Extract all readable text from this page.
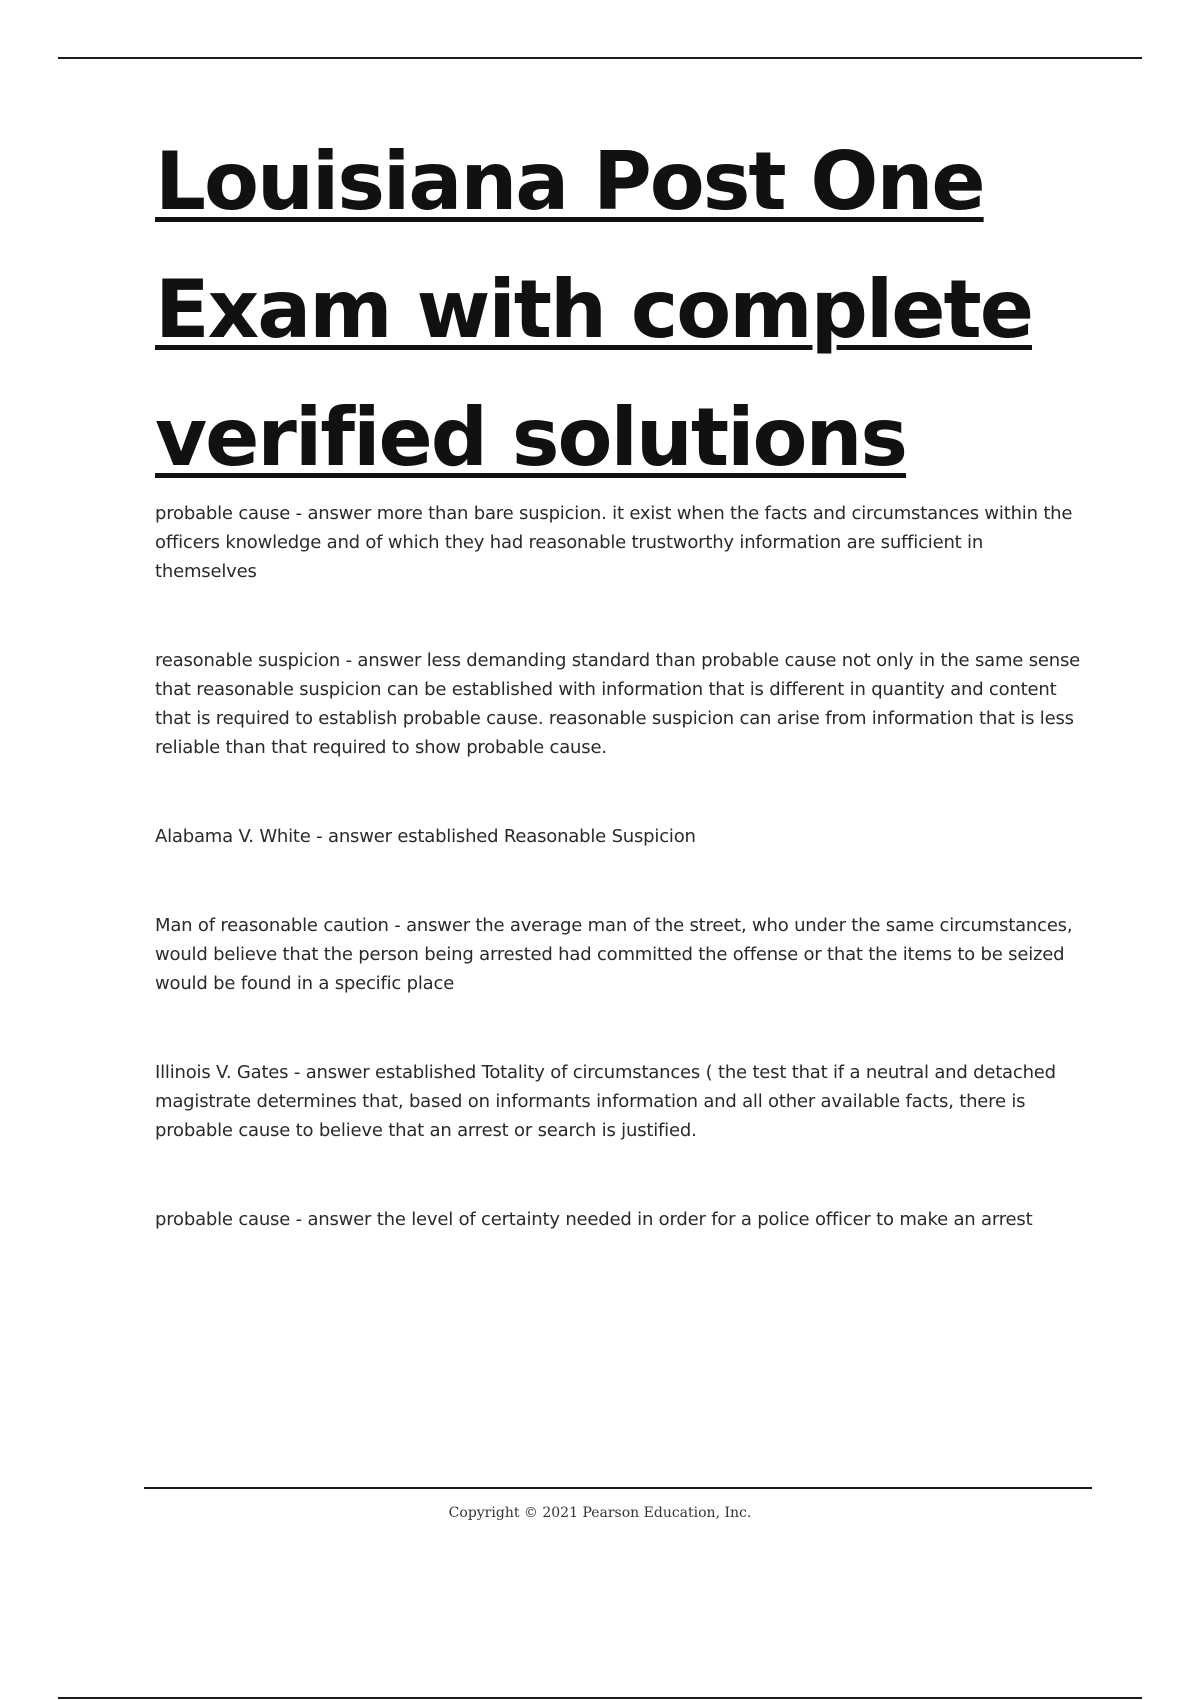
Louisiana Post One
Exam with complete
verified solutions

probable cause - answer more than bare suspicion. it exist when the facts and circumstances within the officers knowledge and of which they had reasonable trustworthy information are sufficient in themselves

reasonable suspicion - answer less demanding standard than probable cause not only in the same sense that reasonable suspicion can be established with information that is different in quantity and content that is required to establish probable cause. reasonable suspicion can arise from information that is less reliable than that required to show probable cause.

Alabama V. White - answer established Reasonable Suspicion

Man of reasonable caution - answer the average man of the street, who under the same circumstances, would believe that the person being arrested had committed the offense or that the items to be seized would be found in a specific place

Illinois V. Gates - answer established Totality of circumstances ( the test that if a neutral and detached magistrate determines that, based on informants information and all other available facts, there is probable cause to believe that an arrest or search is justified.

probable cause - answer the level of certainty needed in order for a police officer to make an arrest

Copyright © 2021 Pearson Education, Inc.
